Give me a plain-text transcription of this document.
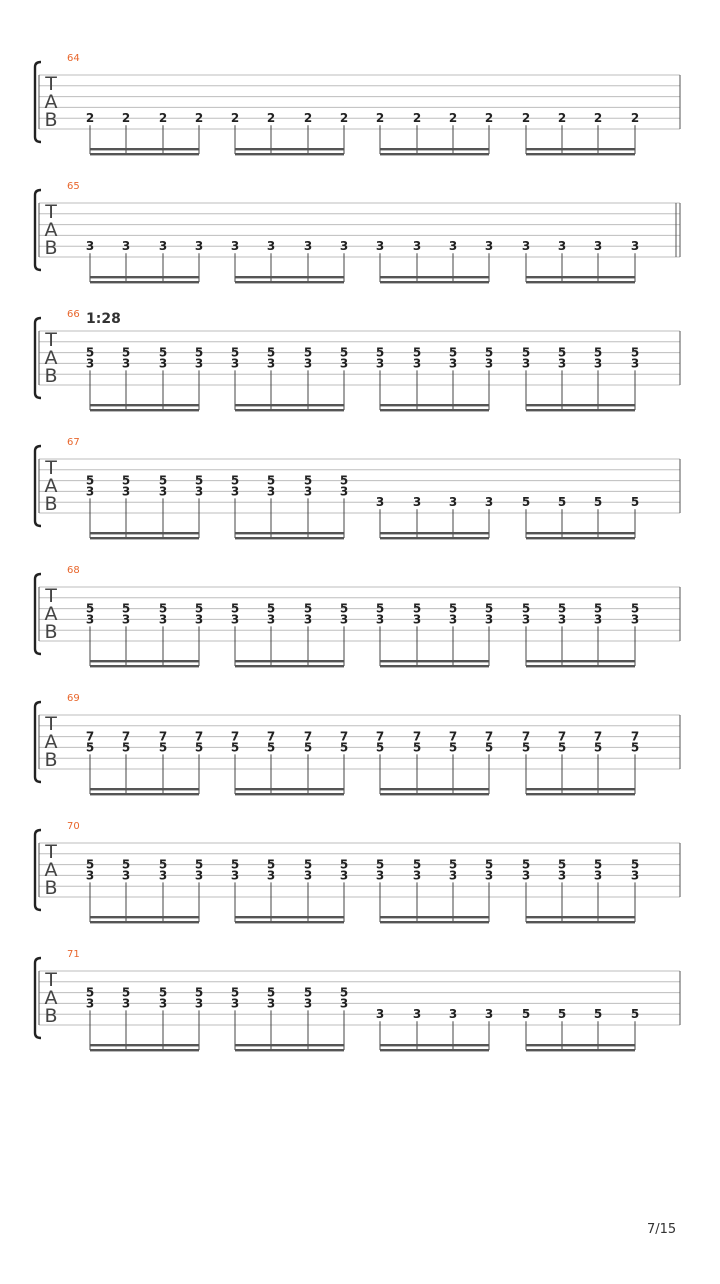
T
A
B
64
2 2 2 2 2 2 2 2 2 2 2 2 2 2 2 2
T
A
B
65
3 3 3 3 3 3 3 3 3 3 3 3 3 3 3 3
T
A
B
66
5
3
5
3
5
3
5
3
5
3
5
3
5
3
5
3
5
3
5
3
5
3
5
3
5
3
5
3
5
3
5
3
T
A
B
67
5
3
5
3
5
3
5
3
5
3
5
3
5
3
5
3
3 3 3 3 5 5 5 5
T
A
B
68
5
3
5
3
5
3
5
3
5
3
5
3
5
3
5
3
5
3
5
3
5
3
5
3
5
3
5
3
5
3
5
3
T
A
B
69
7
5
7
5
7
5
7
5
7
5
7
5
7
5
7
5
7
5
7
5
7
5
7
5
7
5
7
5
7
5
7
5
T
A
B
70
5
3
5
3
5
3
5
3
5
3
5
3
5
3
5
3
5
3
5
3
5
3
5
3
5
3
5
3
5
3
5
3
T
A
B
71
5
3
5
3
5
3
5
3
5
3
5
3
5
3
5
3
3 3 3 3 5 5 5 5
1:28
7/15
